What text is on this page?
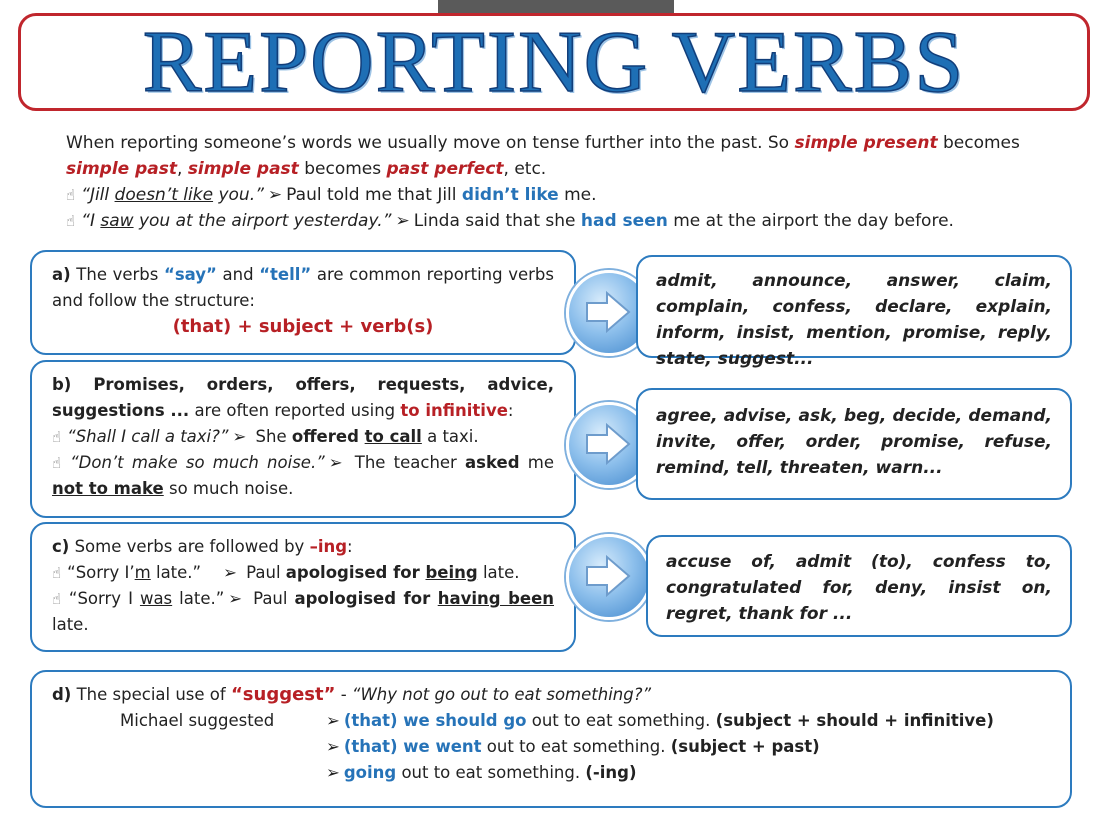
REPORTING VERBS

When reporting someone’s words we usually move on tense further into the past. So simple present becomes

simple past, simple past becomes past perfect, etc.

☝ “Jill doesn’t like you.” ➢ Paul told me that Jill didn’t like me.

☝ “I saw you at the airport yesterday.” ➢ Linda said that she had seen me at the airport the day before.

a) The verbs “say” and “tell” are common reporting verbs and follow the structure:

(that) + subject + verb(s)

admit, announce, answer, claim, complain, confess, declare, explain, inform, insist, mention, promise, reply, state, suggest...

b) Promises, orders, offers, requests, advice, suggestions ... are often reported using to infinitive:

☝ “Shall I call a taxi?” ➢ She offered to call a taxi.

☝ “Don’t make so much noise.” ➢ The teacher asked me not to make so much noise.

agree, advise, ask, beg, decide, demand, invite, offer, order, promise, refuse, remind, tell, threaten, warn...

c) Some verbs are followed by –ing:

☝ “Sorry I’m late.” ➢ Paul apologised for being late.

☝ “Sorry I was late.” ➢ Paul apologised for having been late.

accuse of, admit (to), confess to, congratulated for, deny, insist on, regret, thank for ...

d) The special use of “suggest” - “Why not go out to eat something?”

Michael suggested	➢ (that) we should go out to eat something. (subject + should + infinitive)

➢ (that) we went out to eat something. (subject + past)

➢ going out to eat something. (-ing)
